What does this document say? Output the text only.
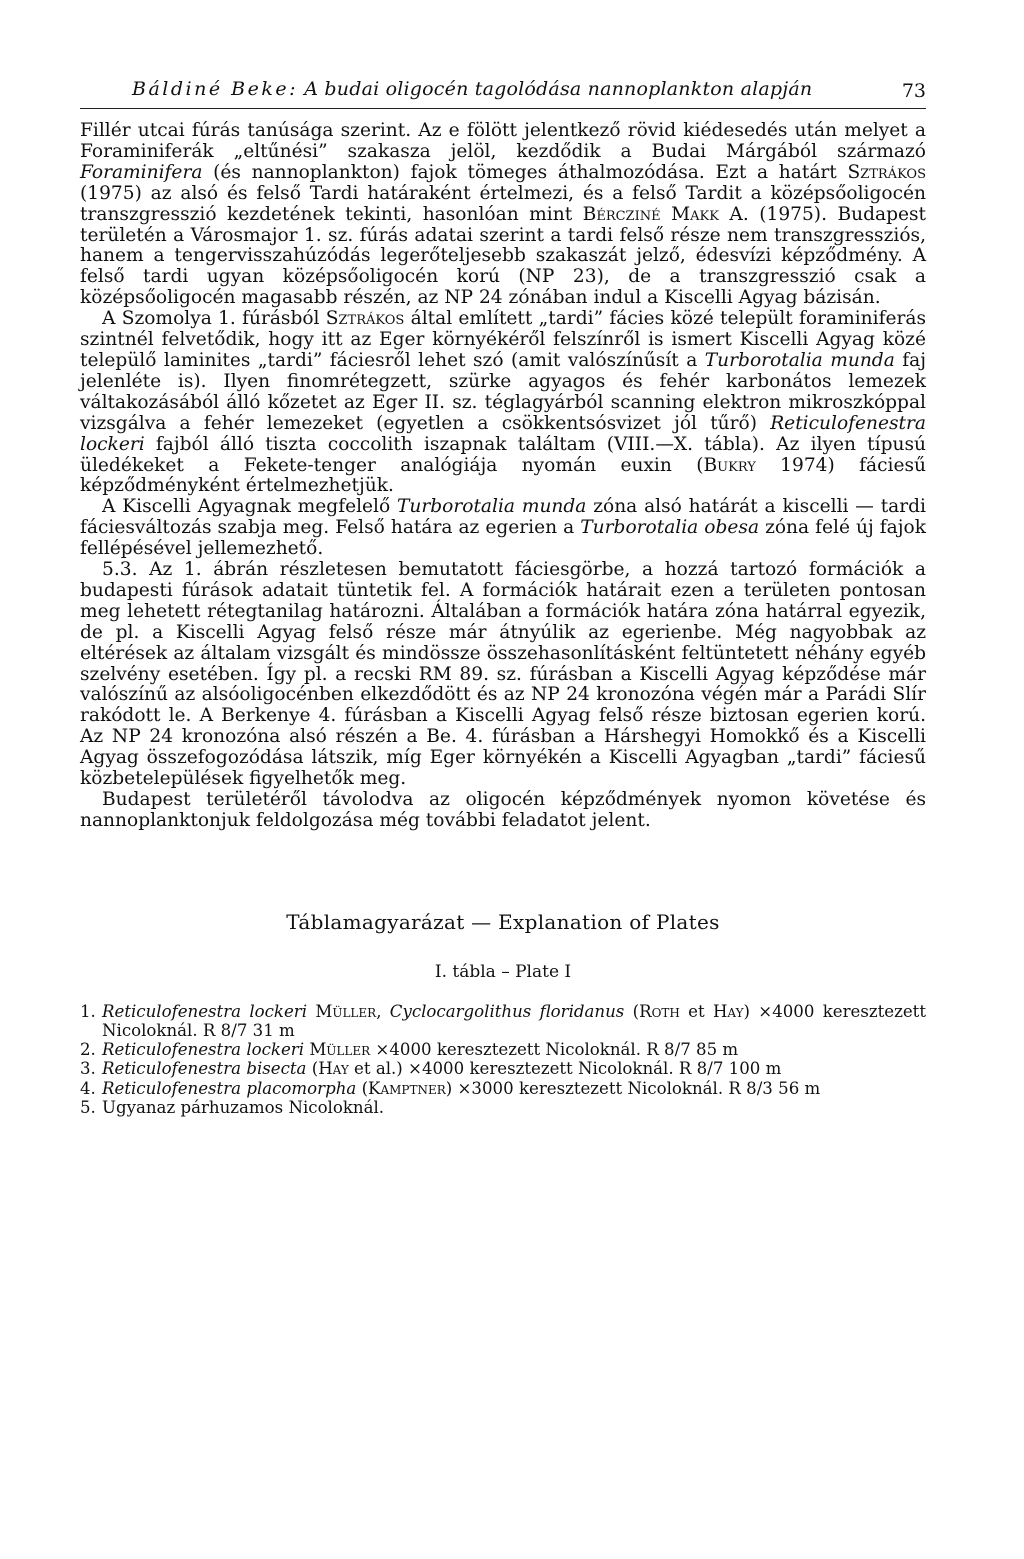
Báldiné Beke: A budai oligocén tagolódása nannoplankton alapján	73

Fillér utcai fúrás tanúsága szerint. Az e fölött jelentkező rövid kiédesedés után melyet a Foraminiferák „eltűnési” szakasza jelöl, kezdődik a Budai Márgából származó Foraminifera (és nannoplankton) fajok tömeges áthalmozódása. Ezt a határt Sztrákos (1975) az alsó és felső Tardi határaként értelmezi, és a felső Tardit a középsőoligocén transzgresszió kezdetének tekinti, hasonlóan mint Bércziné Makk A. (1975). Budapest területén a Városmajor 1. sz. fúrás adatai szerint a tardi felső része nem transzgressziós, hanem a tengervisszahúzódás legerőteljesebb szakaszát jelző, édesvízi képződmény. A felső tardi ugyan középsőoligocén korú (NP 23), de a transzgresszió csak a középsőoligocén magasabb részén, az NP 24 zónában indul a Kiscelli Agyag bázisán.

A Szomolya 1. fúrásból Sztrákos által említett „tardi” fácies közé települt foraminiferás szintnél felvetődik, hogy itt az Eger környékéről felszínről is ismert Kiscelli Agyag közé települő laminites „tardi” fáciesről lehet szó (amit valószínűsít a Turborotalia munda faj jelenléte is). Ilyen finomrétegzett, szürke agyagos és fehér karbonátos lemezek váltakozásából álló kőzetet az Eger II. sz. téglagyárból scanning elektron mikroszkóppal vizsgálva a fehér lemezeket (egyetlen a csökkentsósvizet jól tűrő) Reticulofenestra lockeri fajból álló tiszta coccolith iszapnak találtam (VIII.—X. tábla). Az ilyen típusú üledékeket a Fekete-tenger analógiája nyomán euxin (Bukry 1974) fáciesű képződményként értelmezhetjük.

A Kiscelli Agyagnak megfelelő Turborotalia munda zóna alsó határát a kiscelli — tardi fáciesváltozás szabja meg. Felső határa az egerien a Turborotalia obesa zóna felé új fajok fellépésével jellemezhető.

5.3. Az 1. ábrán részletesen bemutatott fáciesgörbe, a hozzá tartozó formációk a budapesti fúrások adatait tüntetik fel. A formációk határait ezen a területen pontosan meg lehetett rétegtanilag határozni. Általában a formációk határa zóna határral egyezik, de pl. a Kiscelli Agyag felső része már átnyúlik az egerienbe. Még nagyobbak az eltérések az általam vizsgált és mindössze összehasonlításként feltüntetett néhány egyéb szelvény esetében. Így pl. a recski RM 89. sz. fúrásban a Kiscelli Agyag képződése már valószínű az alsóoligocénben elkezdődött és az NP 24 kronozóna végén már a Parádi Slír rakódott le. A Berkenye 4. fúrásban a Kiscelli Agyag felső része biztosan egerien korú. Az NP 24 kronozóna alsó részén a Be. 4. fúrásban a Hárshegyi Homokkő és a Kiscelli Agyag összefogozódása látszik, míg Eger környékén a Kiscelli Agyagban „tardi” fáciesű közbetelepülések figyelhetők meg.

Budapest területéről távolodva az oligocén képződmények nyomon követése és nannoplanktonjuk feldolgozása még további feladatot jelent.

Táblamagyarázat — Explanation of Plates
I. tábla – Plate I
1. Reticulofenestra lockeri Müller, Cyclocargolithus floridanus (Roth et Hay) ×4000 keresztezett Nicoloknál. R 8/7 31 m
2. Reticulofenestra lockeri Müller ×4000 keresztezett Nicoloknál. R 8/7 85 m
3. Reticulofenestra bisecta (Hay et al.) ×4000 keresztezett Nicoloknál. R 8/7 100 m
4. Reticulofenestra placomorpha (Kamptner) ×3000 keresztezett Nicoloknál. R 8/3 56 m
5. Ugyanaz párhuzamos Nicoloknál.
